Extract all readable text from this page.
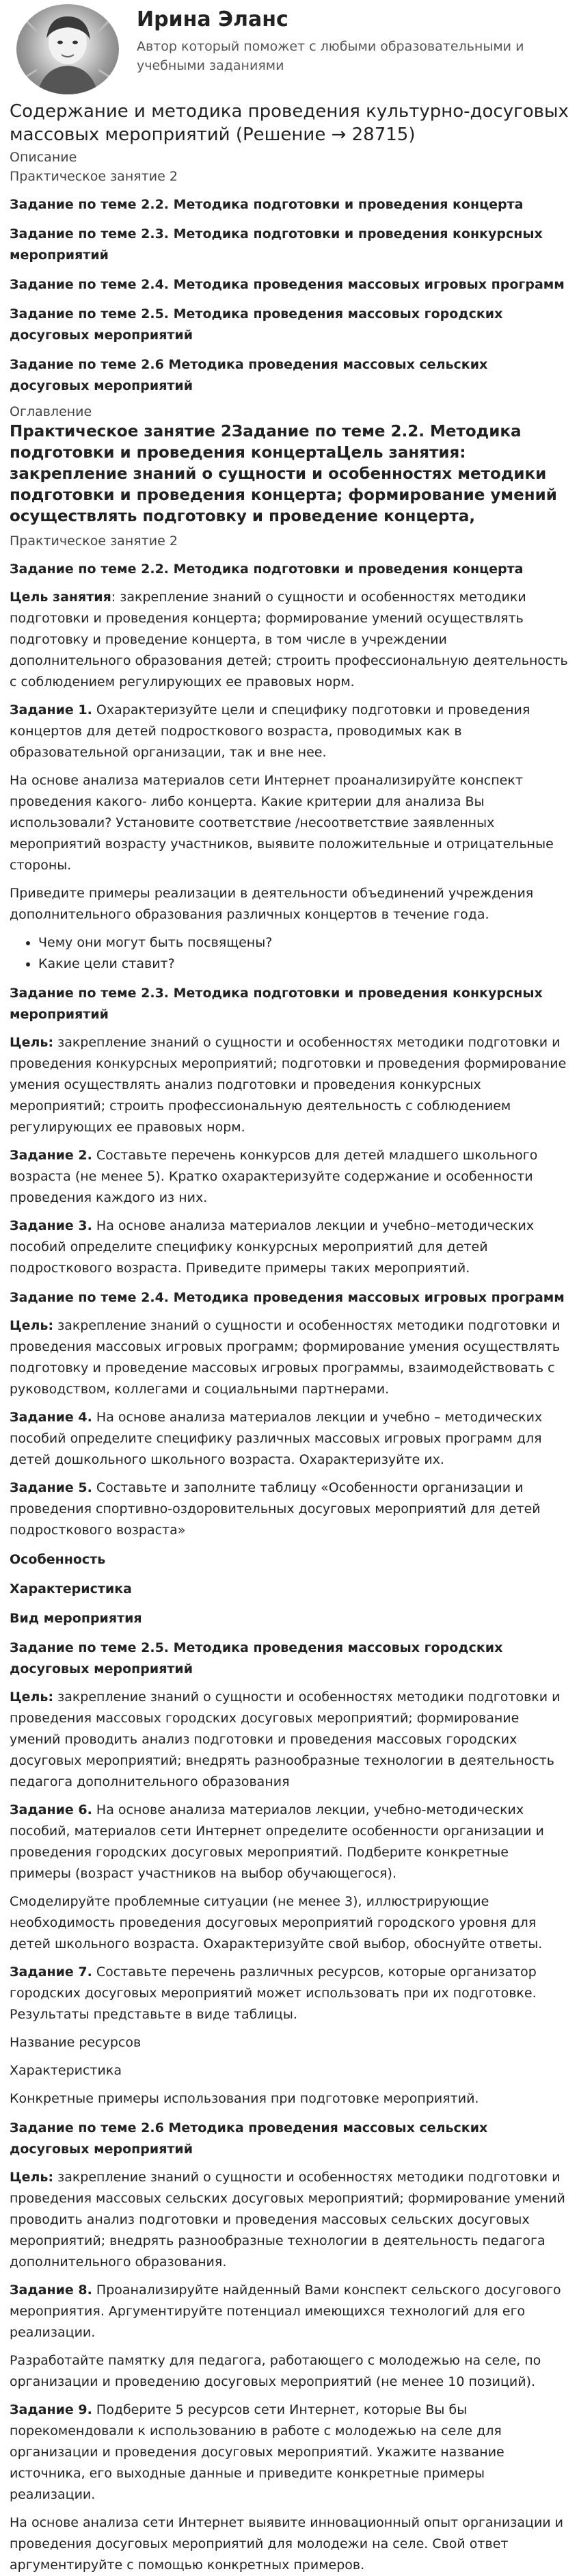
Ирина Эланс
Автор который поможет с любыми образовательными и учебными заданиями
Содержание и методика проведения культурно-досуговых массовых мероприятий (Решение → 28715)
Описание
Практическое занятие 2
Задание по теме 2.2. Методика подготовки и проведения концерта
Задание по теме 2.3. Методика подготовки и проведения конкурсных мероприятий
Задание по теме 2.4. Методика проведения массовых игровых программ
Задание по теме 2.5. Методика проведения массовых городских досуговых мероприятий
Задание по теме 2.6 Методика проведения массовых сельских досуговых мероприятий
Оглавление
Практическое занятие 2Задание по теме 2.2. Методика подготовки и проведения концертаЦель занятия: закрепление знаний о сущности и особенностях методики подготовки и проведения концерта; формирование умений осуществлять подготовку и проведение концерта,
Практическое занятие 2
Задание по теме 2.2. Методика подготовки и проведения концерта

Цель занятия: закрепление знаний о сущности и особенностях методики подготовки и проведения концерта; формирование умений осуществлять подготовку и проведение концерта, в том числе в учреждении дополнительного образования детей; строить профессиональную деятельность с соблюдением регулирующих ее правовых норм.

Задание 1. Охарактеризуйте цели и специфику подготовки и проведения концертов для детей подросткового возраста, проводимых как в образовательной организации, так и вне нее.

На основе анализа материалов сети Интернет проанализируйте конспект проведения какого- либо концерта. Какие критерии для анализа Вы использовали? Установите соответствие /несоответствие заявленных мероприятий возрасту участников, выявите положительные и отрицательные стороны.

Приведите примеры реализации в деятельности объединений учреждения дополнительного образования различных концертов в течение года.

• Чему они могут быть посвящены?
• Какие цели ставит?
Задание по теме 2.3. Методика подготовки и проведения конкурсных мероприятий

Цель: закрепление знаний о сущности и особенностях методики подготовки и проведения конкурсных мероприятий; подготовки и проведения формирование умения осуществлять анализ подготовки и проведения конкурсных мероприятий; строить профессиональную деятельность с соблюдением регулирующих ее правовых норм.

Задание 2. Составьте перечень конкурсов для детей младшего школьного возраста (не менее 5). Кратко охарактеризуйте содержание и особенности проведения каждого из них.

Задание 3. На основе анализа материалов лекции и учебно–методических пособий определите специфику конкурсных мероприятий для детей подросткового возраста. Приведите примеры таких мероприятий.

Задание по теме 2.4. Методика проведения массовых игровых программ

Цель: закрепление знаний о сущности и особенностях методики подготовки и проведения массовых игровых программ; формирование умения осуществлять подготовку и проведение массовых игровых программы, взаимодействовать с руководством, коллегами и социальными партнерами.

Задание 4. На основе анализа материалов лекции и учебно – методических пособий определите специфику различных массовых игровых программ для детей дошкольного школьного возраста. Охарактеризуйте их.

Задание 5. Составьте и заполните таблицу «Особенности организации и проведения спортивно-оздоровительных досуговых мероприятий для детей подросткового возраста»

Особенность
Характеристика
Вид мероприятия
Задание по теме 2.5. Методика проведения массовых городских досуговых мероприятий

Цель: закрепление знаний о сущности и особенностях методики подготовки и проведения массовых городских досуговых мероприятий; формирование умений проводить анализ подготовки и проведения массовых городских досуговых мероприятий; внедрять разнообразные технологии в деятельность педагога дополнительного образования

Задание 6. На основе анализа материалов лекции, учебно-методических пособий, материалов сети Интернет определите особенности организации и проведения городских досуговых мероприятий. Подберите конкретные примеры (возраст участников на выбор обучающегося).

Смоделируйте проблемные ситуации (не менее 3), иллюстрирующие необходимость проведения досуговых мероприятий городского уровня для детей школьного возраста. Охарактеризуйте свой выбор, обоснуйте ответы.

Задание 7. Составьте перечень различных ресурсов, которые организатор городских досуговых мероприятий может использовать при их подготовке. Результаты представьте в виде таблицы.

Название ресурсов

Характеристика

Конкретные примеры использования при подготовке мероприятий.

Задание по теме 2.6 Методика проведения массовых сельских досуговых мероприятий

Цель: закрепление знаний о сущности и особенностях методики подготовки и проведения массовых сельских досуговых мероприятий; формирование умений проводить анализ подготовки и проведения массовых сельских досуговых мероприятий; внедрять разнообразные технологии в деятельность педагога дополнительного образования.

Задание 8. Проанализируйте найденный Вами конспект сельского досугового мероприятия. Аргументируйте потенциал имеющихся технологий для его реализации.

Разработайте памятку для педагога, работающего с молодежью на селе, по организации и проведению досуговых мероприятий (не менее 10 позиций).

Задание 9. Подберите 5 ресурсов сети Интернет, которые Вы бы порекомендовали к использованию в работе с молодежью на селе для организации и проведения досуговых мероприятий. Укажите название источника, его выходные данные и приведите конкретные примеры реализации.

На основе анализа сети Интернет выявите инновационный опыт организации и проведения досуговых мероприятий для молодежи на селе. Свой ответ аргументируйте с помощью конкретных примеров.
